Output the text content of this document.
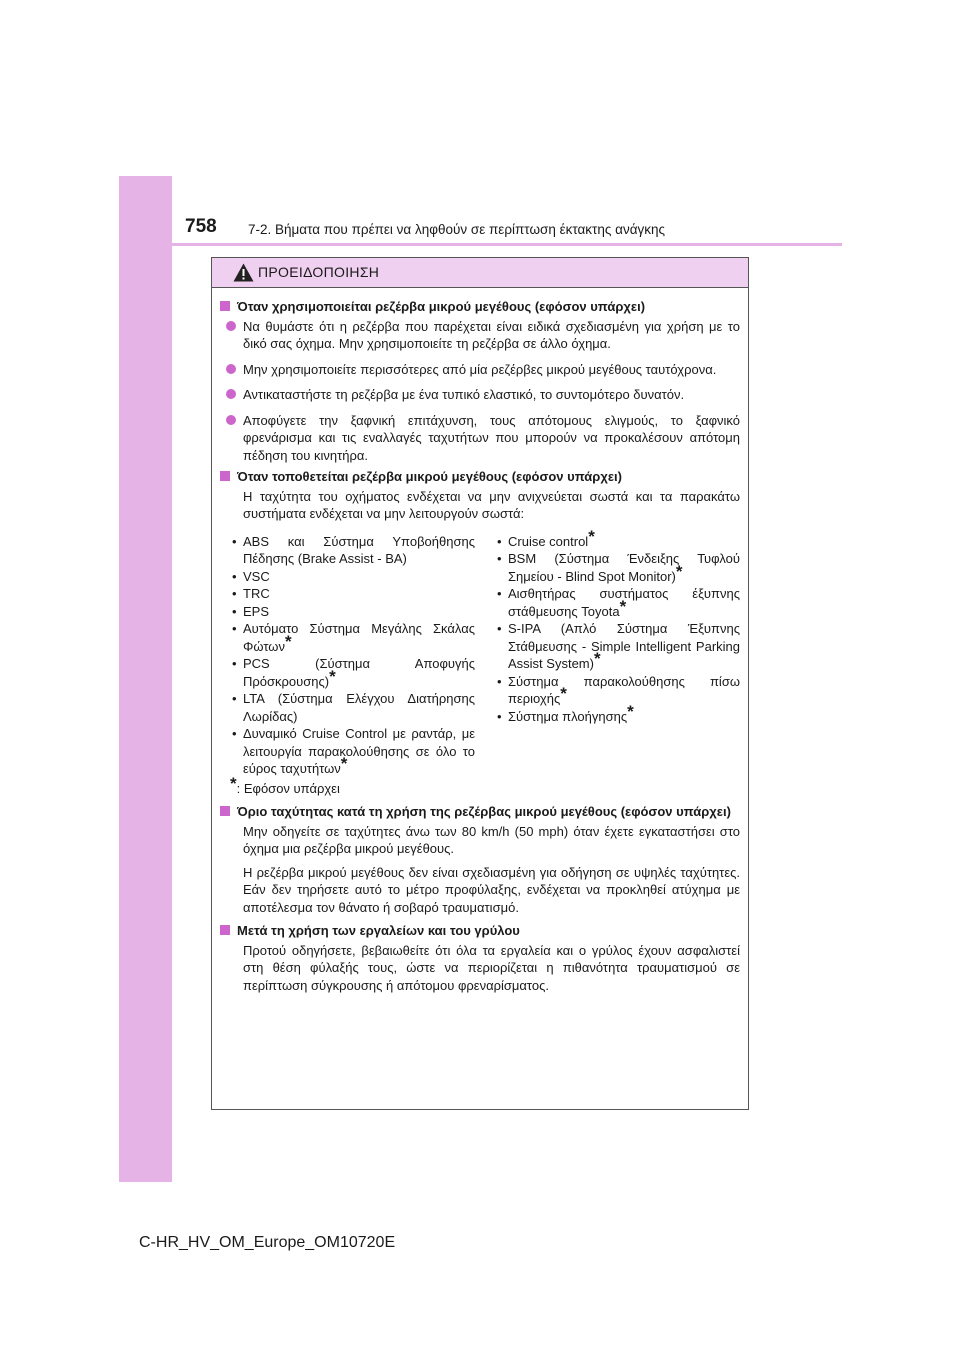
758 7-2. Βήματα που πρέπει να ληφθούν σε περίπτωση έκτακτης ανάγκης
ΠΡΟΕΙΔΟΠΟΙΗΣΗ
Όταν χρησιμοποιείται ρεζέρβα μικρού μεγέθους (εφόσον υπάρχει)
Να θυμάστε ότι η ρεζέρβα που παρέχεται είναι ειδικά σχεδιασμένη για χρήση με το δικό σας όχημα. Μην χρησιμοποιείτε τη ρεζέρβα σε άλλο όχημα.
Μην χρησιμοποιείτε περισσότερες από μία ρεζέρβες μικρού μεγέθους ταυτόχρονα.
Αντικαταστήστε τη ρεζέρβα με ένα τυπικό ελαστικό, το συντομότερο δυνατόν.
Αποφύγετε την ξαφνική επιτάχυνση, τους απότομους ελιγμούς, το ξαφνικό φρενάρισμα και τις εναλλαγές ταχυτήτων που μπορούν να προκαλέσουν απότομη πέδηση του κινητήρα.
Όταν τοποθετείται ρεζέρβα μικρού μεγέθους (εφόσον υπάρχει)
Η ταχύτητα του οχήματος ενδέχεται να μην ανιχνεύεται σωστά και τα παρακάτω συστήματα ενδέχεται να μην λειτουργούν σωστά:
• ABS και Σύστημα Υποβοήθησης Πέδησης (Brake Assist - BA)
• VSC
• TRC
• EPS
• Αυτόματο Σύστημα Μεγάλης Σκάλας Φώτων*
• PCS (Σύστημα Αποφυγής Πρόσκρουσης)*
• LTA (Σύστημα Ελέγχου Διατήρησης Λωρίδας)
• Δυναμικό Cruise Control με ραντάρ, με λειτουργία παρακολούθησης σε όλο το εύρος ταχυτήτων*
• Cruise control*
• BSM (Σύστημα Ένδειξης Τυφλού Σημείου - Blind Spot Monitor)*
• Αισθητήρας συστήματος έξυπνης στάθμευσης Toyota*
• S-IPA (Απλό Σύστημα Έξυπνης Στάθμευσης - Simple Intelligent Parking Assist System)*
• Σύστημα παρακολούθησης πίσω περιοχής*
• Σύστημα πλοήγησης*
*: Εφόσον υπάρχει
Όριο ταχύτητας κατά τη χρήση της ρεζέρβας μικρού μεγέθους (εφόσον υπάρχει)
Μην οδηγείτε σε ταχύτητες άνω των 80 km/h (50 mph) όταν έχετε εγκαταστήσει στο όχημα μια ρεζέρβα μικρού μεγέθους.
Η ρεζέρβα μικρού μεγέθους δεν είναι σχεδιασμένη για οδήγηση σε υψηλές ταχύτητες. Εάν δεν τηρήσετε αυτό το μέτρο προφύλαξης, ενδέχεται να προκληθεί ατύχημα με αποτέλεσμα τον θάνατο ή σοβαρό τραυματισμό.
Μετά τη χρήση των εργαλείων και του γρύλου
Προτού οδηγήσετε, βεβαιωθείτε ότι όλα τα εργαλεία και ο γρύλος έχουν ασφαλιστεί στη θέση φύλαξής τους, ώστε να περιορίζεται η πιθανότητα τραυματισμού σε περίπτωση σύγκρουσης ή απότομου φρεναρίσματος.
C-HR_HV_OM_Europe_OM10720E
